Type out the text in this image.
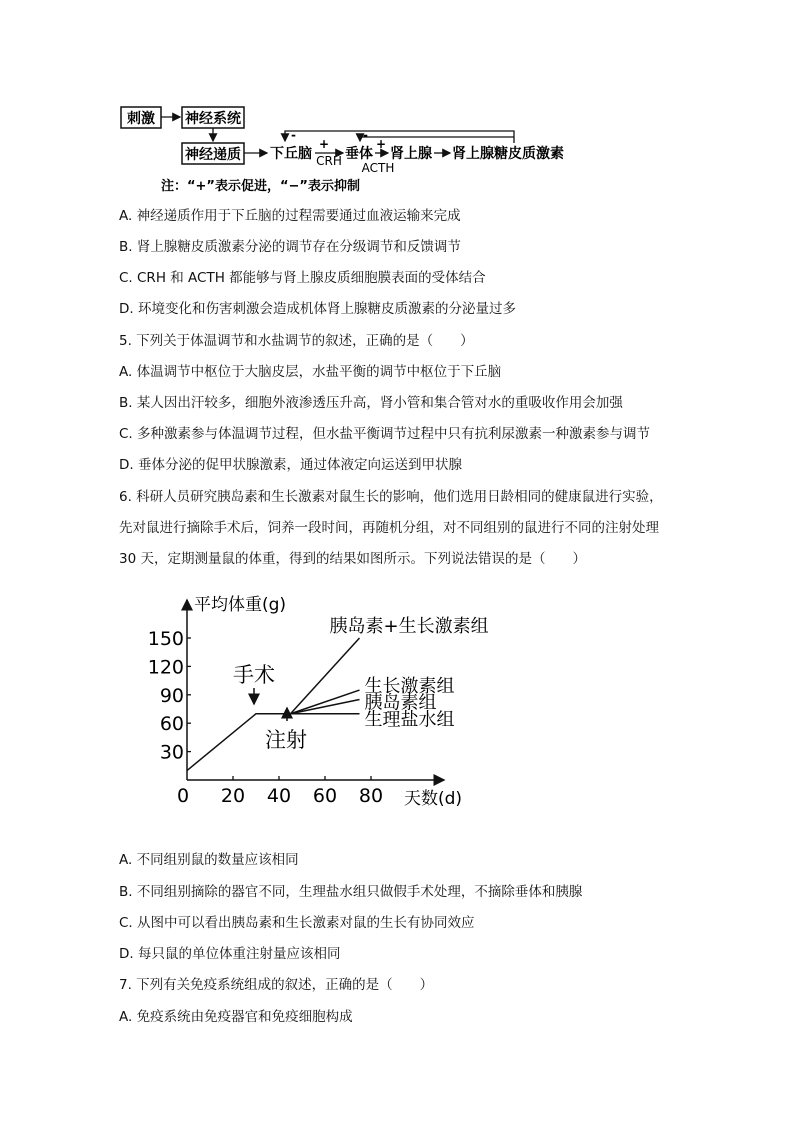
刺激 神经系统
神经递质 下丘脑
+
CRH 垂体
+
ACTH
肾上腺 肾上腺糖皮质激素
-	-
注：“+”表示促进，“−”表示抑制
A. 神经递质作用于下丘脑的过程需要通过血液运输来完成
B. 肾上腺糖皮质激素分泌的调节存在分级调节和反馈调节
C. CRH 和 ACTH 都能够与肾上腺皮质细胞膜表面的受体结合
D. 环境变化和伤害刺激会造成机体肾上腺糖皮质激素的分泌量过多
5. 下列关于体温调节和水盐调节的叙述，正确的是（　　）
A. 体温调节中枢位于大脑皮层，水盐平衡的调节中枢位于下丘脑
B. 某人因出汗较多，细胞外液渗透压升高，肾小管和集合管对水的重吸收作用会加强
C. 多种激素参与体温调节过程，但水盐平衡调节过程中只有抗利尿激素一种激素参与调节
D. 垂体分泌的促甲状腺激素，通过体液定向运送到甲状腺
6. 科研人员研究胰岛素和生长激素对鼠生长的影响，他们选用日龄相同的健康鼠进行实验，
先对鼠进行摘除手术后，饲养一段时间，再随机分组，对不同组别的鼠进行不同的注射处理
30 天，定期测量鼠的体重，得到的结果如图所示。下列说法错误的是（　　）
平均体重(g)
天数(d)
手术
注射
30
60
90
120
150
0 20 40 60 80
胰岛素+生长激素组
生长激素组
胰岛素组
生理盐水组
A. 不同组别鼠的数量应该相同
B. 不同组别摘除的器官不同，生理盐水组只做假手术处理，不摘除垂体和胰腺
C. 从图中可以看出胰岛素和生长激素对鼠的生长有协同效应
D. 每只鼠的单位体重注射量应该相同
7. 下列有关免疫系统组成的叙述，正确的是（　　）
A. 免疫系统由免疫器官和免疫细胞构成
